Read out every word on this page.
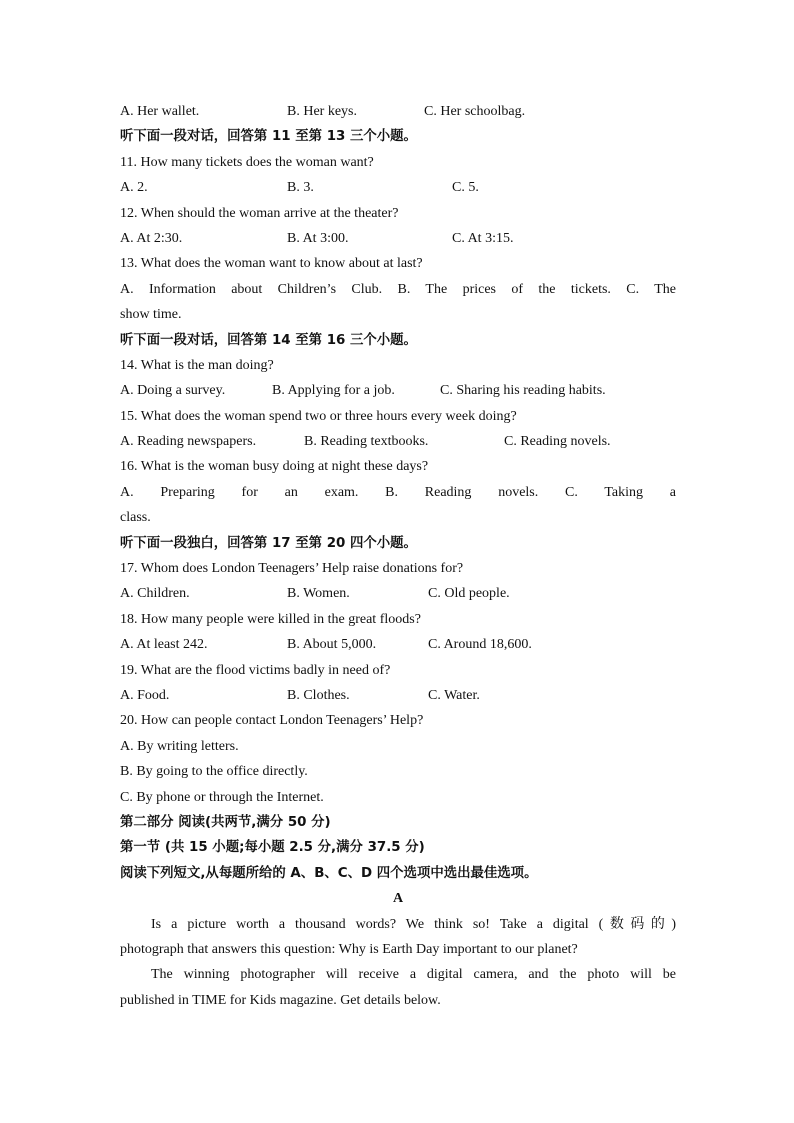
A. Her wallet.	B. Her keys.	C. Her schoolbag.
听下面一段对话，回答第 11 至第 13 三个小题。
11. How many tickets does the woman want?
A. 2.	B. 3.	C. 5.
12. When should the woman arrive at the theater?
A. At 2:30.	B. At 3:00.	C. At 3:15.
13. What does the woman want to know about at last?
A. Information about Children’s Club. B. The prices of the tickets. C. The
show time.
听下面一段对话，回答第 14 至第 16 三个小题。
14. What is the man doing?
A. Doing a survey.	B. Applying for a job.	C. Sharing his reading habits.
15. What does the woman spend two or three hours every week doing?
A. Reading newspapers.	B. Reading textbooks.	C. Reading novels.
16. What is the woman busy doing at night these days?
A. Preparing for an exam. B. Reading novels. C. Taking a
class.
听下面一段独白，回答第 17 至第 20 四个小题。
17. Whom does London Teenagers’ Help raise donations for?
A. Children.	B. Women.	C. Old people.
18. How many people were killed in the great floods?
A. At least 242.	B. About 5,000.	C. Around 18,600.
19. What are the flood victims badly in need of?
A. Food.	B. Clothes.	C. Water.
20. How can people contact London Teenagers’ Help?
A. By writing letters.
B. By going to the office directly.
C. By phone or through the Internet.
第二部分 阅读(共两节,满分 50 分)
第一节 (共 15 小题;每小题 2.5 分,满分 37.5 分)
阅读下列短文,从每题所给的 A、B、C、D 四个选项中选出最佳选项。
A
Is a picture worth a thousand words? We think so! Take a digital (数码的)
photograph that answers this question: Why is Earth Day important to our planet?
The winning photographer will receive a digital camera, and the photo will be
published in TIME for Kids magazine. Get details below.
